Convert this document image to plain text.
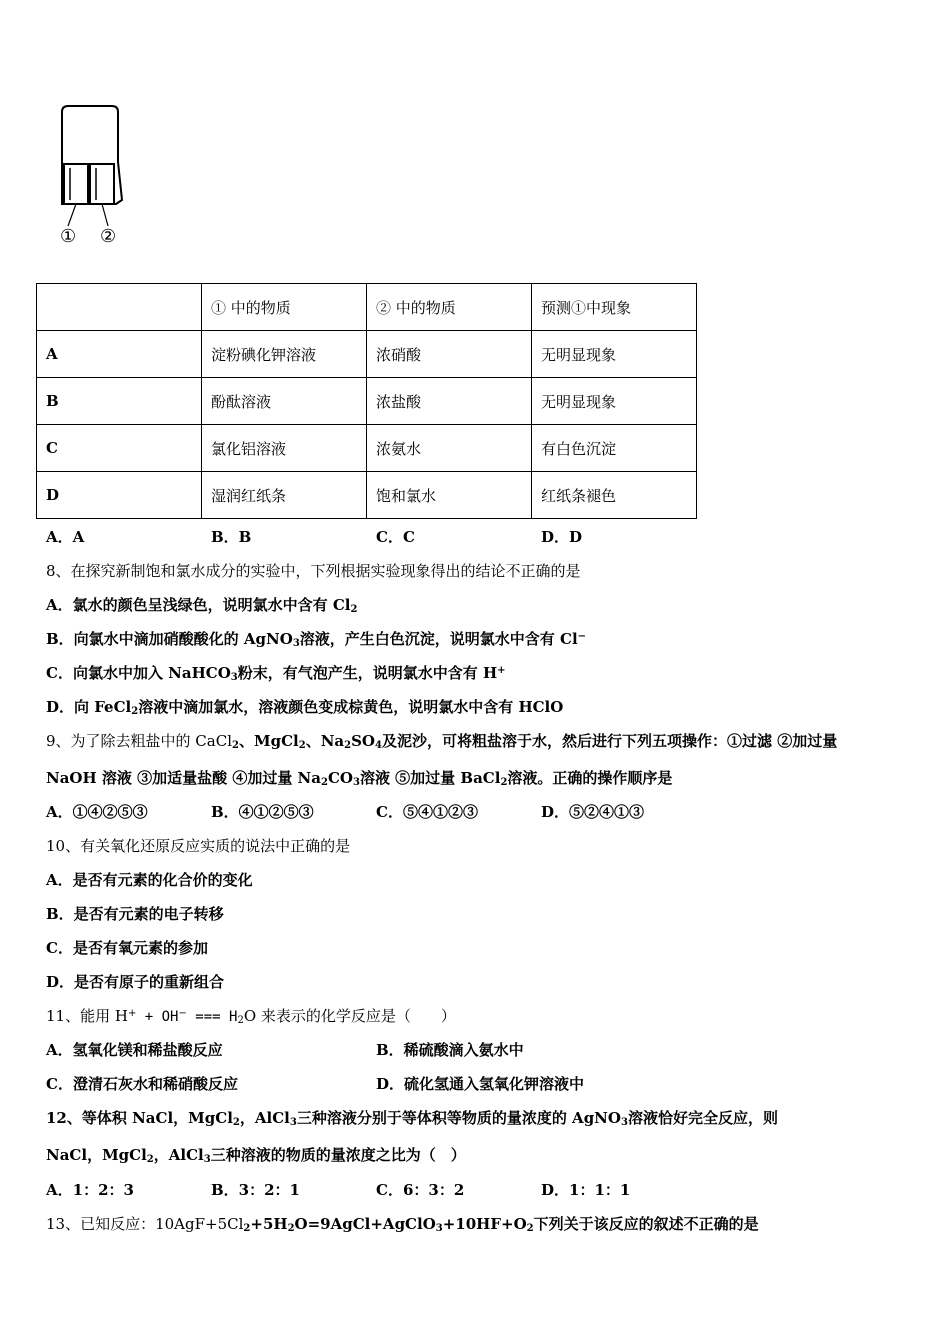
① ②
	① 中的物质	② 中的物质	预测①中现象
A	淀粉碘化钾溶液	浓硝酸	无明显现象
B	酚酞溶液	浓盐酸	无明显现象
C	氯化铝溶液	浓氨水	有白色沉淀
D	湿润红纸条	饱和氯水	红纸条褪色
A．A	B．B	C．C	D．D
8、在探究新制饱和氯水成分的实验中，下列根据实验现象得出的结论不正确的是
A．氯水的颜色呈浅绿色，说明氯水中含有 $Cl_2$
B．向氯水中滴加硝酸酸化的 AgNO$_3$溶液，产生白色沉淀，说明氯水中含有 Cl−
C．向氯水中加入 NaHCO$_3$粉末，有气泡产生，说明氯水中含有 H+
D．向 FeCl$_2$溶液中滴加氯水，溶液颜色变成棕黄色，说明氯水中含有 HClO
9、为了除去粗盐中的 CaCl$_2$、MgCl$_2$、$Na_2SO_4$及泥沙，可将粗盐溶于水，然后进行下列五项操作：①过滤 ②加过量
NaOH 溶液 ③加适量盐酸 ④加过量 $Na_2CO_3$溶液 ⑤加过量 BaCl$_2$溶液。正确的操作顺序是
A．①④②⑤③	B．④①②⑤③	C．⑤④①②③	D．⑤②④①③
10、有关氧化还原反应实质的说法中正确的是
A．是否有元素的化合价的变化
B．是否有元素的电子转移
C．是否有氧元素的参加
D．是否有原子的重新组合
11、能用 H+ + OH− === $H_2O$ 来表示的化学反应是（　　）
A．氢氧化镁和稀盐酸反应	B．稀硫酸滴入氨水中
C．澄清石灰水和稀硝酸反应	D．硫化氢通入氢氧化钾溶液中
12、等体积 NaCl，MgCl$_2$，AlCl$_3$三种溶液分别于等体积等物质的量浓度的 AgNO$_3$溶液恰好完全反应，则
NaCl，MgCl$_2$，AlCl$_3$三种溶液的物质的量浓度之比为（　）
A．1：2：3	B．3：2：1	C．6：3：2	D．1：1：1
13、已知反应：$10AgF+5Cl_2+5H_2O=9AgCl+AgClO_3+10HF+O_2$下列关于该反应的叙述不正确的是
